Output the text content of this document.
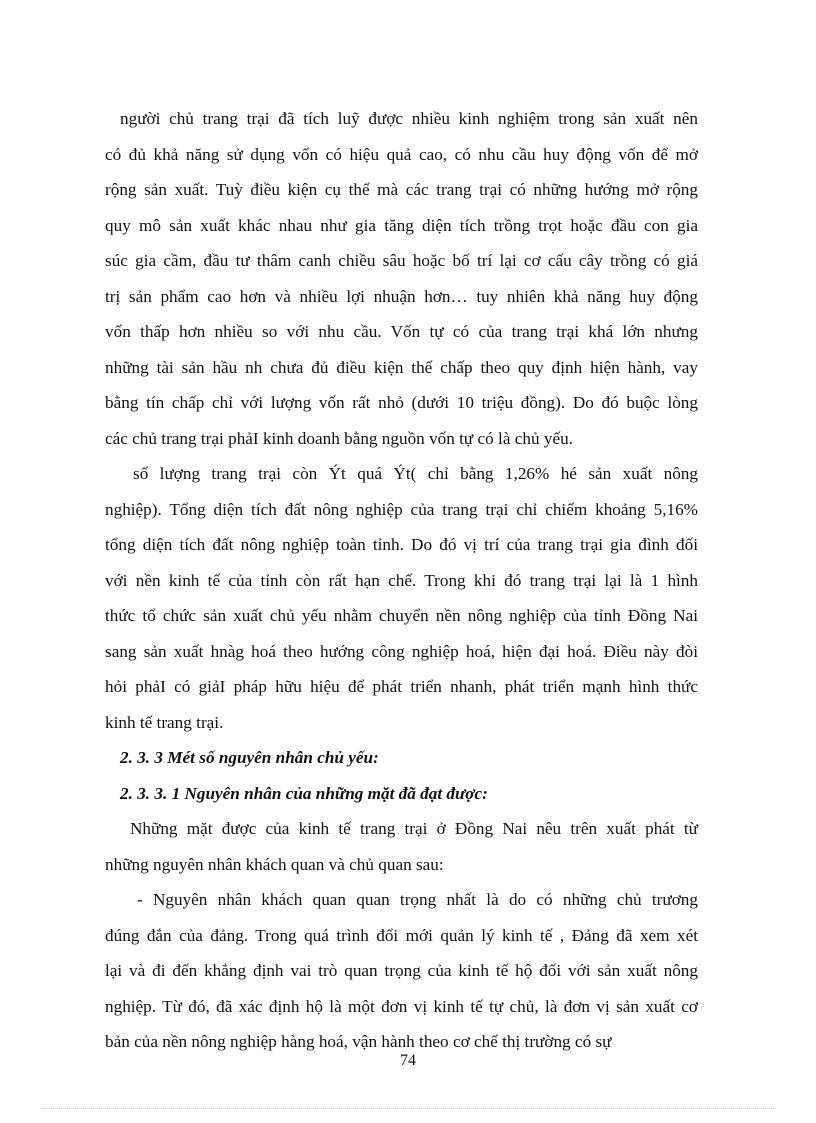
người chủ trang trại đã tích luỹ được nhiều kinh nghiệm trong sản xuất nên
có đủ khả năng sử dụng vốn có hiệu quả cao, có nhu cầu huy động vốn để mở
rộng sản xuất. Tuỳ điều kiện cụ thể mà các trang trại có những hướng mở rộng
quy mô sản xuất khác nhau như gia tăng diện tích trồng trọt hoặc đầu con gia
súc gia cầm, đầu tư thâm canh chiều sâu hoặc bố trí lại cơ cấu cây trồng có giá
trị sản phẩm cao hơn và nhiều lợi nhuận hơn… tuy nhiên khả năng huy động
vốn thấp hơn nhiều so với nhu cầu. Vốn tự có của trang trại khá lớn nhưng
những tài sản hầu nh chưa đủ điều kiện thế chấp theo quy định hiện hành, vay
bằng tín chấp chỉ với lượng vốn rất nhỏ (dưới 10 triệu đồng). Do đó buộc lòng
các chủ trang trại phảI kinh doanh bằng nguồn vốn tự có là chủ yếu.
số lượng trang trại còn Ýt quá Ýt( chỉ bằng 1,26% hé sản xuất nông
nghiệp). Tổng diện tích đất nông nghiệp của trang trại chỉ chiếm khoảng 5,16%
tổng diện tích đất nông nghiệp toàn tỉnh. Do đó vị trí của trang trại gia đình đối
với nền kinh tế của tỉnh còn rất hạn chế. Trong khi đó trang trại lại là 1 hình
thức tổ chức sản xuất chủ yếu nhằm chuyển nền nông nghiệp của tỉnh Đồng Nai
sang sản xuất hnàg hoá theo hướng công nghiệp hoá, hiện đại hoá. Điều này đòi
hỏi phảI có giảI pháp hữu hiệu để phát triển nhanh, phát triển mạnh hình thức
kinh tế trang trại.
2. 3. 3 Mét số nguyên nhân chủ yếu:
2. 3. 3. 1 Nguyên nhân của những mặt đã đạt được:
Những mặt được của kinh tế trang trại ở Đồng Nai nêu trên xuất phát từ
những nguyên nhân khách quan và chủ quan sau:
- Nguyên nhân khách quan quan trọng nhất là do có những chủ trương
đúng đắn của đảng. Trong quá trình đổi mới quản lý kinh tế , Đảng đã xem xét
lại và đi đến khẳng định vai trò quan trọng của kinh tế hộ đối với sản xuất nông
nghiệp. Từ đó, đã xác định hộ là một đơn vị kinh tế tự chủ, là đơn vị sản xuất cơ
bản của nền nông nghiệp hàng hoá, vận hành theo cơ chế thị trường có sự
74
